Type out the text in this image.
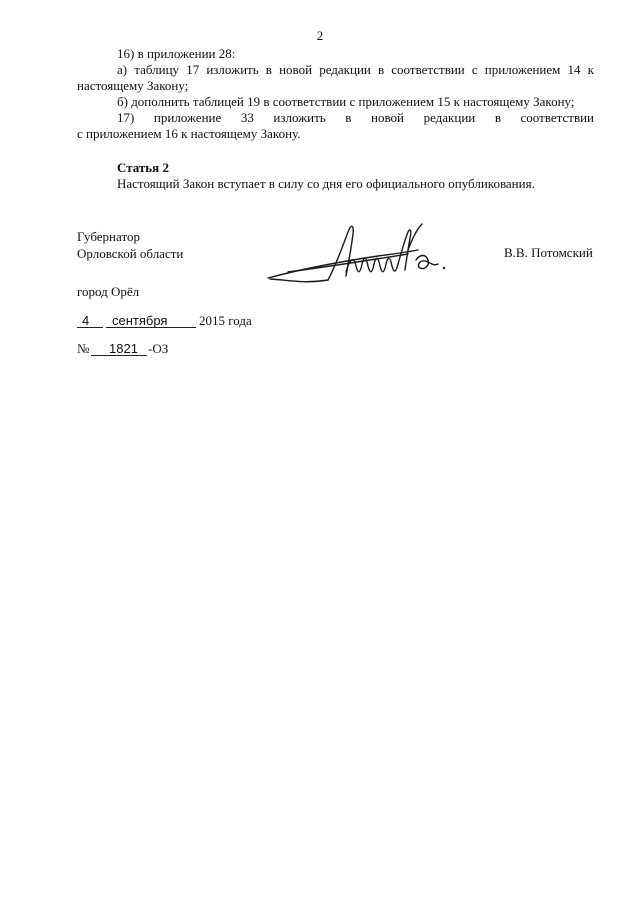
2
16) в приложении 28:
а) таблицу 17 изложить в новой редакции в соответствии с приложением 14 к
настоящему Закону;
б) дополнить таблицей 19 в соответствии с приложением 15 к настоящему Закону;
17) приложение 33 изложить в новой редакции в соответствии
с приложением 16 к настоящему Закону.
Статья 2
Настоящий Закон вступает в силу со дня его официального опубликования.
Губернатор
Орловской области	В.В. Потомский
город Орёл
4 сентября 2015 года
№ 1821 -ОЗ
